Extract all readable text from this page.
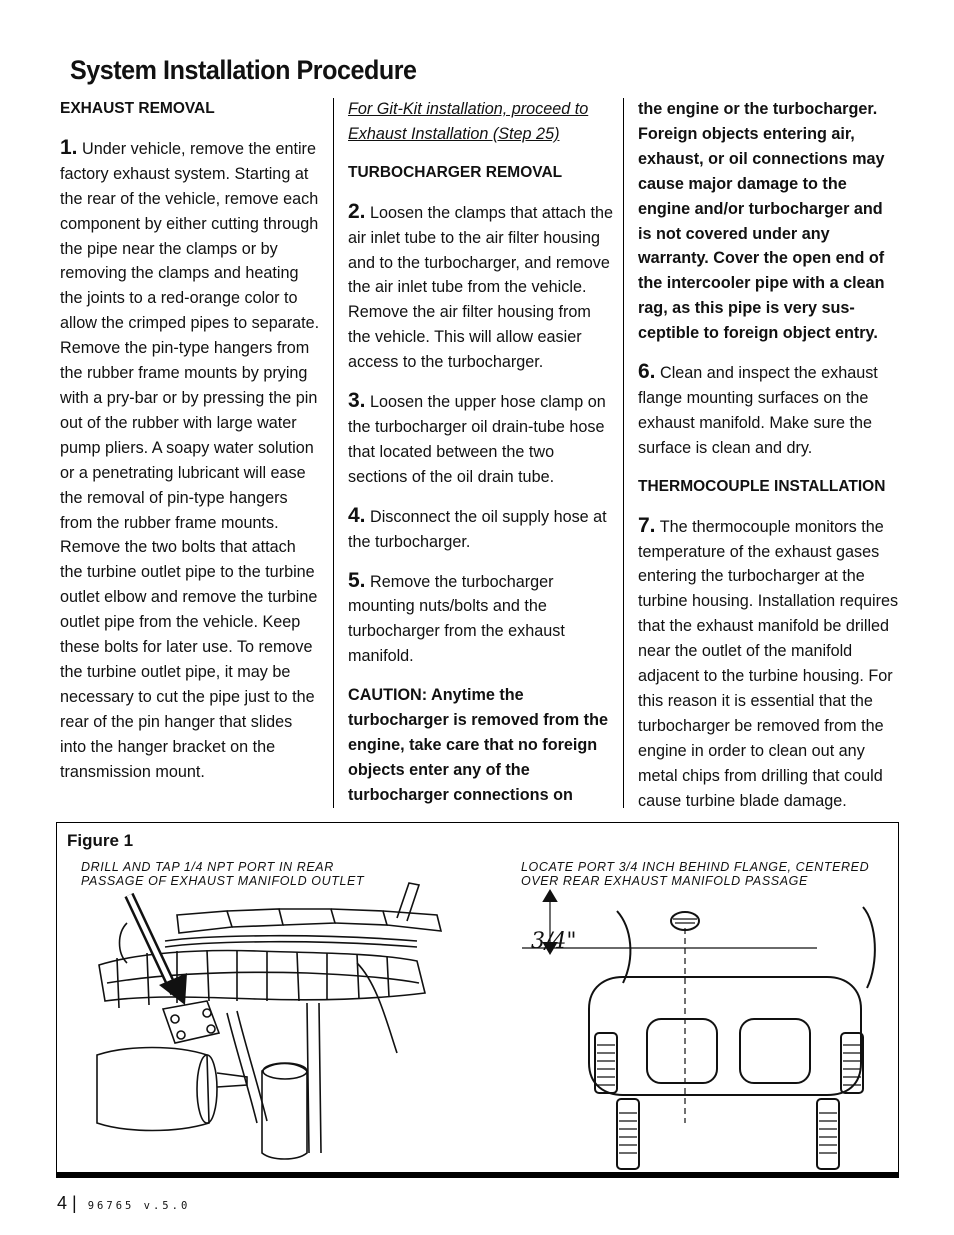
System Installation Procedure

EXHAUST REMOVAL

1. Under vehicle, remove the entire factory exhaust system. Starting at the rear of the vehicle, remove each component by either cutting through the pipe near the clamps or by removing the clamps and heating the joints to a red-orange color to allow the crimped pipes to separate. Remove the pin-type hangers from the rubber frame mounts by prying with a pry-bar or by pressing the pin out of the rubber with large water pump pliers. A soapy water solution or a penetrating lubricant will ease the removal of pin-type hangers from the rubber frame mounts. Remove the two bolts that attach the turbine outlet pipe to the turbine outlet elbow and remove the turbine outlet pipe from the vehicle. Keep these bolts for later use. To remove the turbine outlet pipe, it may be necessary to cut the pipe just to the rear of the pin hanger that slides into the hanger bracket on the transmission mount.

For Git-Kit installation, proceed to Exhaust Installation (Step 25)

TURBOCHARGER REMOVAL

2. Loosen the clamps that attach the air inlet tube to the air filter housing and to the turbocharger, and remove the air inlet tube from the vehicle. Remove the air filter housing from the vehicle. This will allow easier access to the turbocharger.

3. Loosen the upper hose clamp on the turbocharger oil drain-tube hose that located between the two sections of the oil drain tube.

4. Disconnect the oil supply hose at the turbocharger.

5. Remove the turbocharger mounting nuts/bolts and the turbocharger from the exhaust manifold.

CAUTION: Anytime the turbocharger is removed from the engine, take care that no foreign objects enter any of the turbocharger connections on

the engine or the turbocharger. Foreign objects entering air, exhaust, or oil connections may cause major damage to the engine and/or turbocharger and is not covered under any warranty. Cover the open end of the intercooler pipe with a clean rag, as this pipe is very sus-ceptible to foreign object entry.

6. Clean and inspect the exhaust flange mounting surfaces on the exhaust manifold. Make sure the surface is clean and dry.

THERMOCOUPLE INSTALLATION

7. The thermocouple monitors the temperature of the exhaust gases entering the turbocharger at the turbine housing. Installation requires that the exhaust manifold be drilled near the outlet of the manifold adjacent to the turbine housing. For this reason it is essential that the turbocharger be removed from the engine in order to clean out any metal chips from drilling that could cause turbine blade damage.

Figure 1
DRILL AND TAP 1/4 NPT PORT IN REAR
PASSAGE OF EXHAUST MANIFOLD OUTLET
LOCATE PORT 3/4 INCH BEHIND FLANGE, CENTERED
OVER REAR EXHAUST MANIFOLD PASSAGE
3/4"
4 | 96765 v.5.0
